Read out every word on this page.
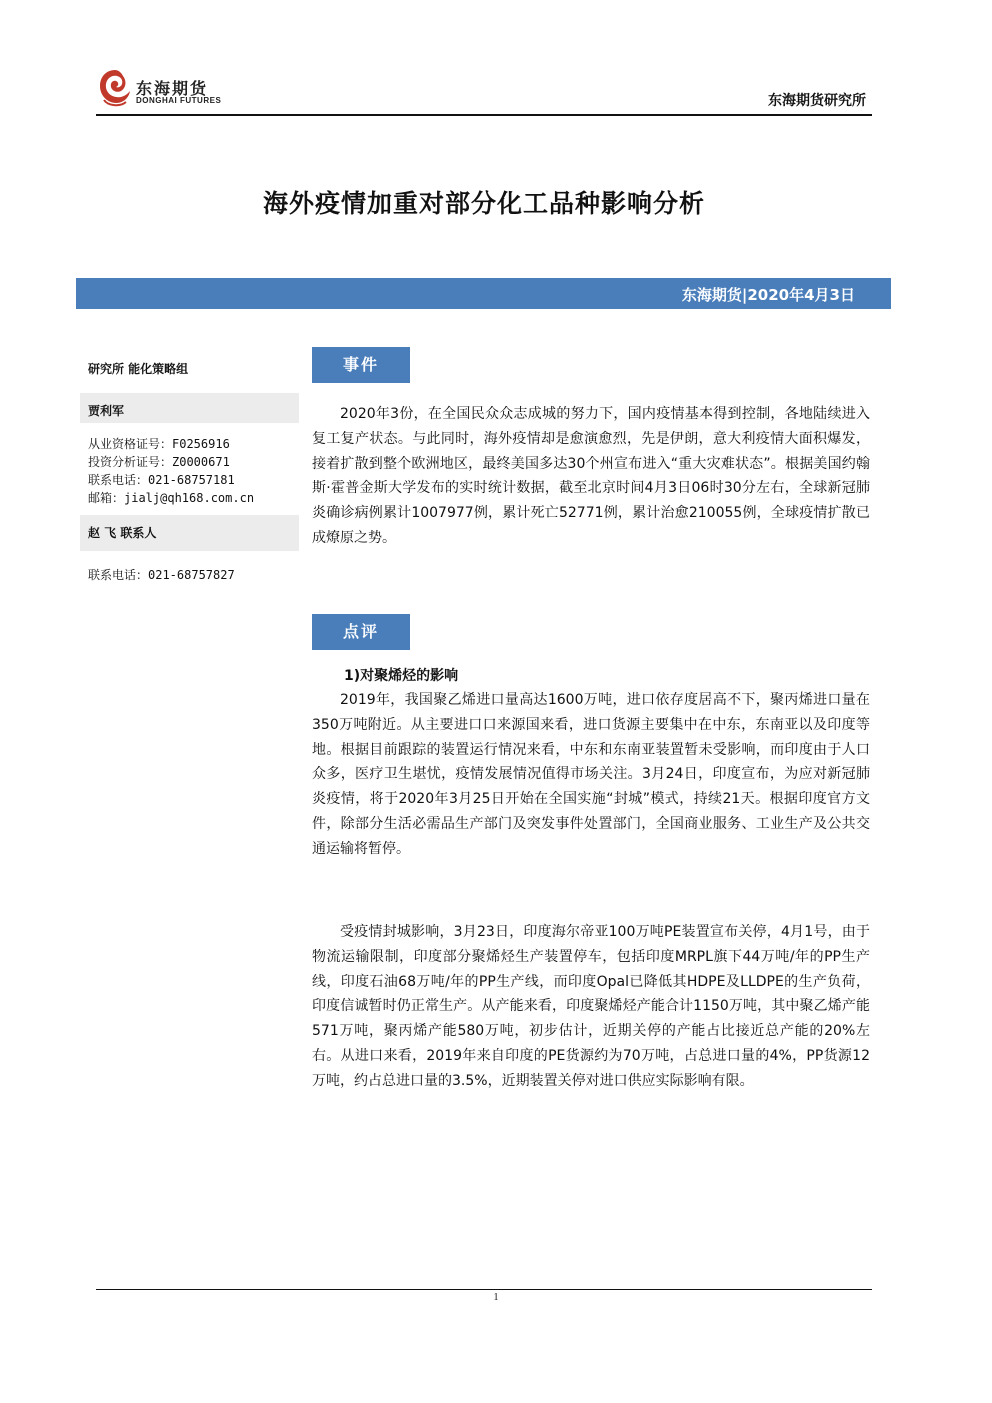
东海期货
DONGHAI FUTURES	东海期货研究所
海外疫情加重对部分化工品种影响分析
东海期货|2020年4月3日
研究所 能化策略组
贾利军
从业资格证号：F0256916
投资分析证号：Z0000671
联系电话：021-68757181
邮箱：jialj@qh168.com.cn
赵 飞 联系人
联系电话：021-68757827
事件
2020年3份，在全国民众众志成城的努力下，国内疫情基本得到控制，各地陆续进入复工复产状态。与此同时，海外疫情却是愈演愈烈，先是伊朗，意大利疫情大面积爆发，接着扩散到整个欧洲地区，最终美国多达30个州宣布进入“重大灾难状态”。根据美国约翰斯·霍普金斯大学发布的实时统计数据，截至北京时间4月3日06时30分左右，全球新冠肺炎确诊病例累计1007977例，累计死亡52771例，累计治愈210055例，全球疫情扩散已成燎原之势。
点评
1)对聚烯烃的影响
2019年，我国聚乙烯进口量高达1600万吨，进口依存度居高不下，聚丙烯进口量在350万吨附近。从主要进口口来源国来看，进口货源主要集中在中东，东南亚以及印度等地。根据目前跟踪的装置运行情况来看，中东和东南亚装置暂未受影响，而印度由于人口众多，医疗卫生堪忧，疫情发展情况值得市场关注。3月24日，印度宣布，为应对新冠肺炎疫情，将于2020年3月25日开始在全国实施“封城”模式，持续21天。根据印度官方文件，除部分生活必需品生产部门及突发事件处置部门，全国商业服务、工业生产及公共交通运输将暂停。
受疫情封城影响，3月23日，印度海尔帝亚100万吨PE装置宣布关停，4月1号，由于物流运输限制，印度部分聚烯烃生产装置停车，包括印度MRPL旗下44万吨/年的PP生产线，印度石油68万吨/年的PP生产线，而印度Opal已降低其HDPE及LLDPE的生产负荷，印度信诚暂时仍正常生产。从产能来看，印度聚烯烃产能合计1150万吨，其中聚乙烯产能571万吨，聚丙烯产能580万吨，初步估计，近期关停的产能占比接近总产能的20%左右。从进口来看，2019年来自印度的PE货源约为70万吨，占总进口量的4%，PP货源12万吨，约占总进口量的3.5%，近期装置关停对进口供应实际影响有限。
1
